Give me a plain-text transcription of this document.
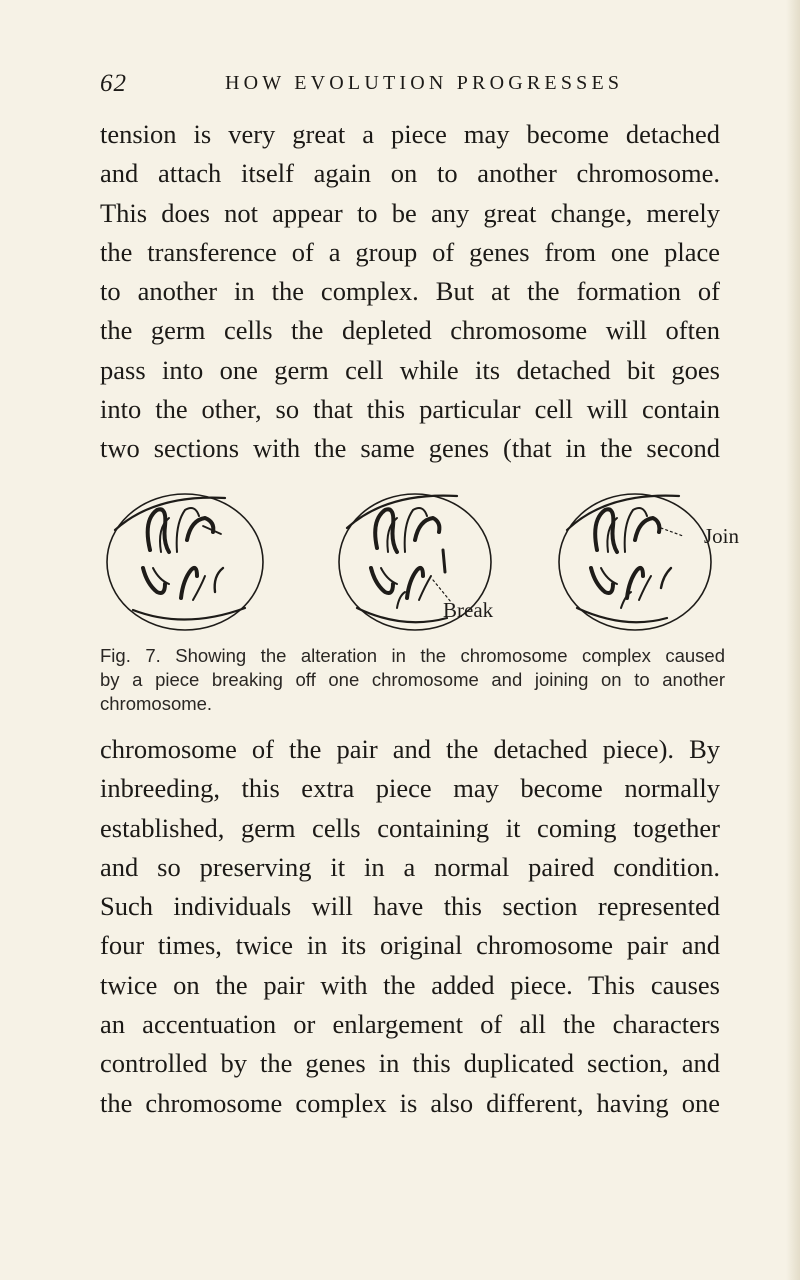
62	HOW EVOLUTION PROGRESSES
tension is very great a piece may become detached
and attach itself again on to another chromosome.
This does not appear to be any great change, merely
the transference of a group of genes from one place
to another in the complex. But at the formation of
the germ cells the depleted chromosome will often
pass into one germ cell while its detached bit goes
into the other, so that this particular cell will contain
two sections with the same genes (that in the second
Break
Join
Fig. 7. Showing the alteration in the chromosome complex caused
by a piece breaking off one chromosome and joining on to another
chromosome.
chromosome of the pair and the detached piece). By
inbreeding, this extra piece may become normally
established, germ cells containing it coming together
and so preserving it in a normal paired condition.
Such individuals will have this section represented
four times, twice in its original chromosome pair and
twice on the pair with the added piece. This causes
an accentuation or enlargement of all the characters
controlled by the genes in this duplicated section, and
the chromosome complex is also different, having one
